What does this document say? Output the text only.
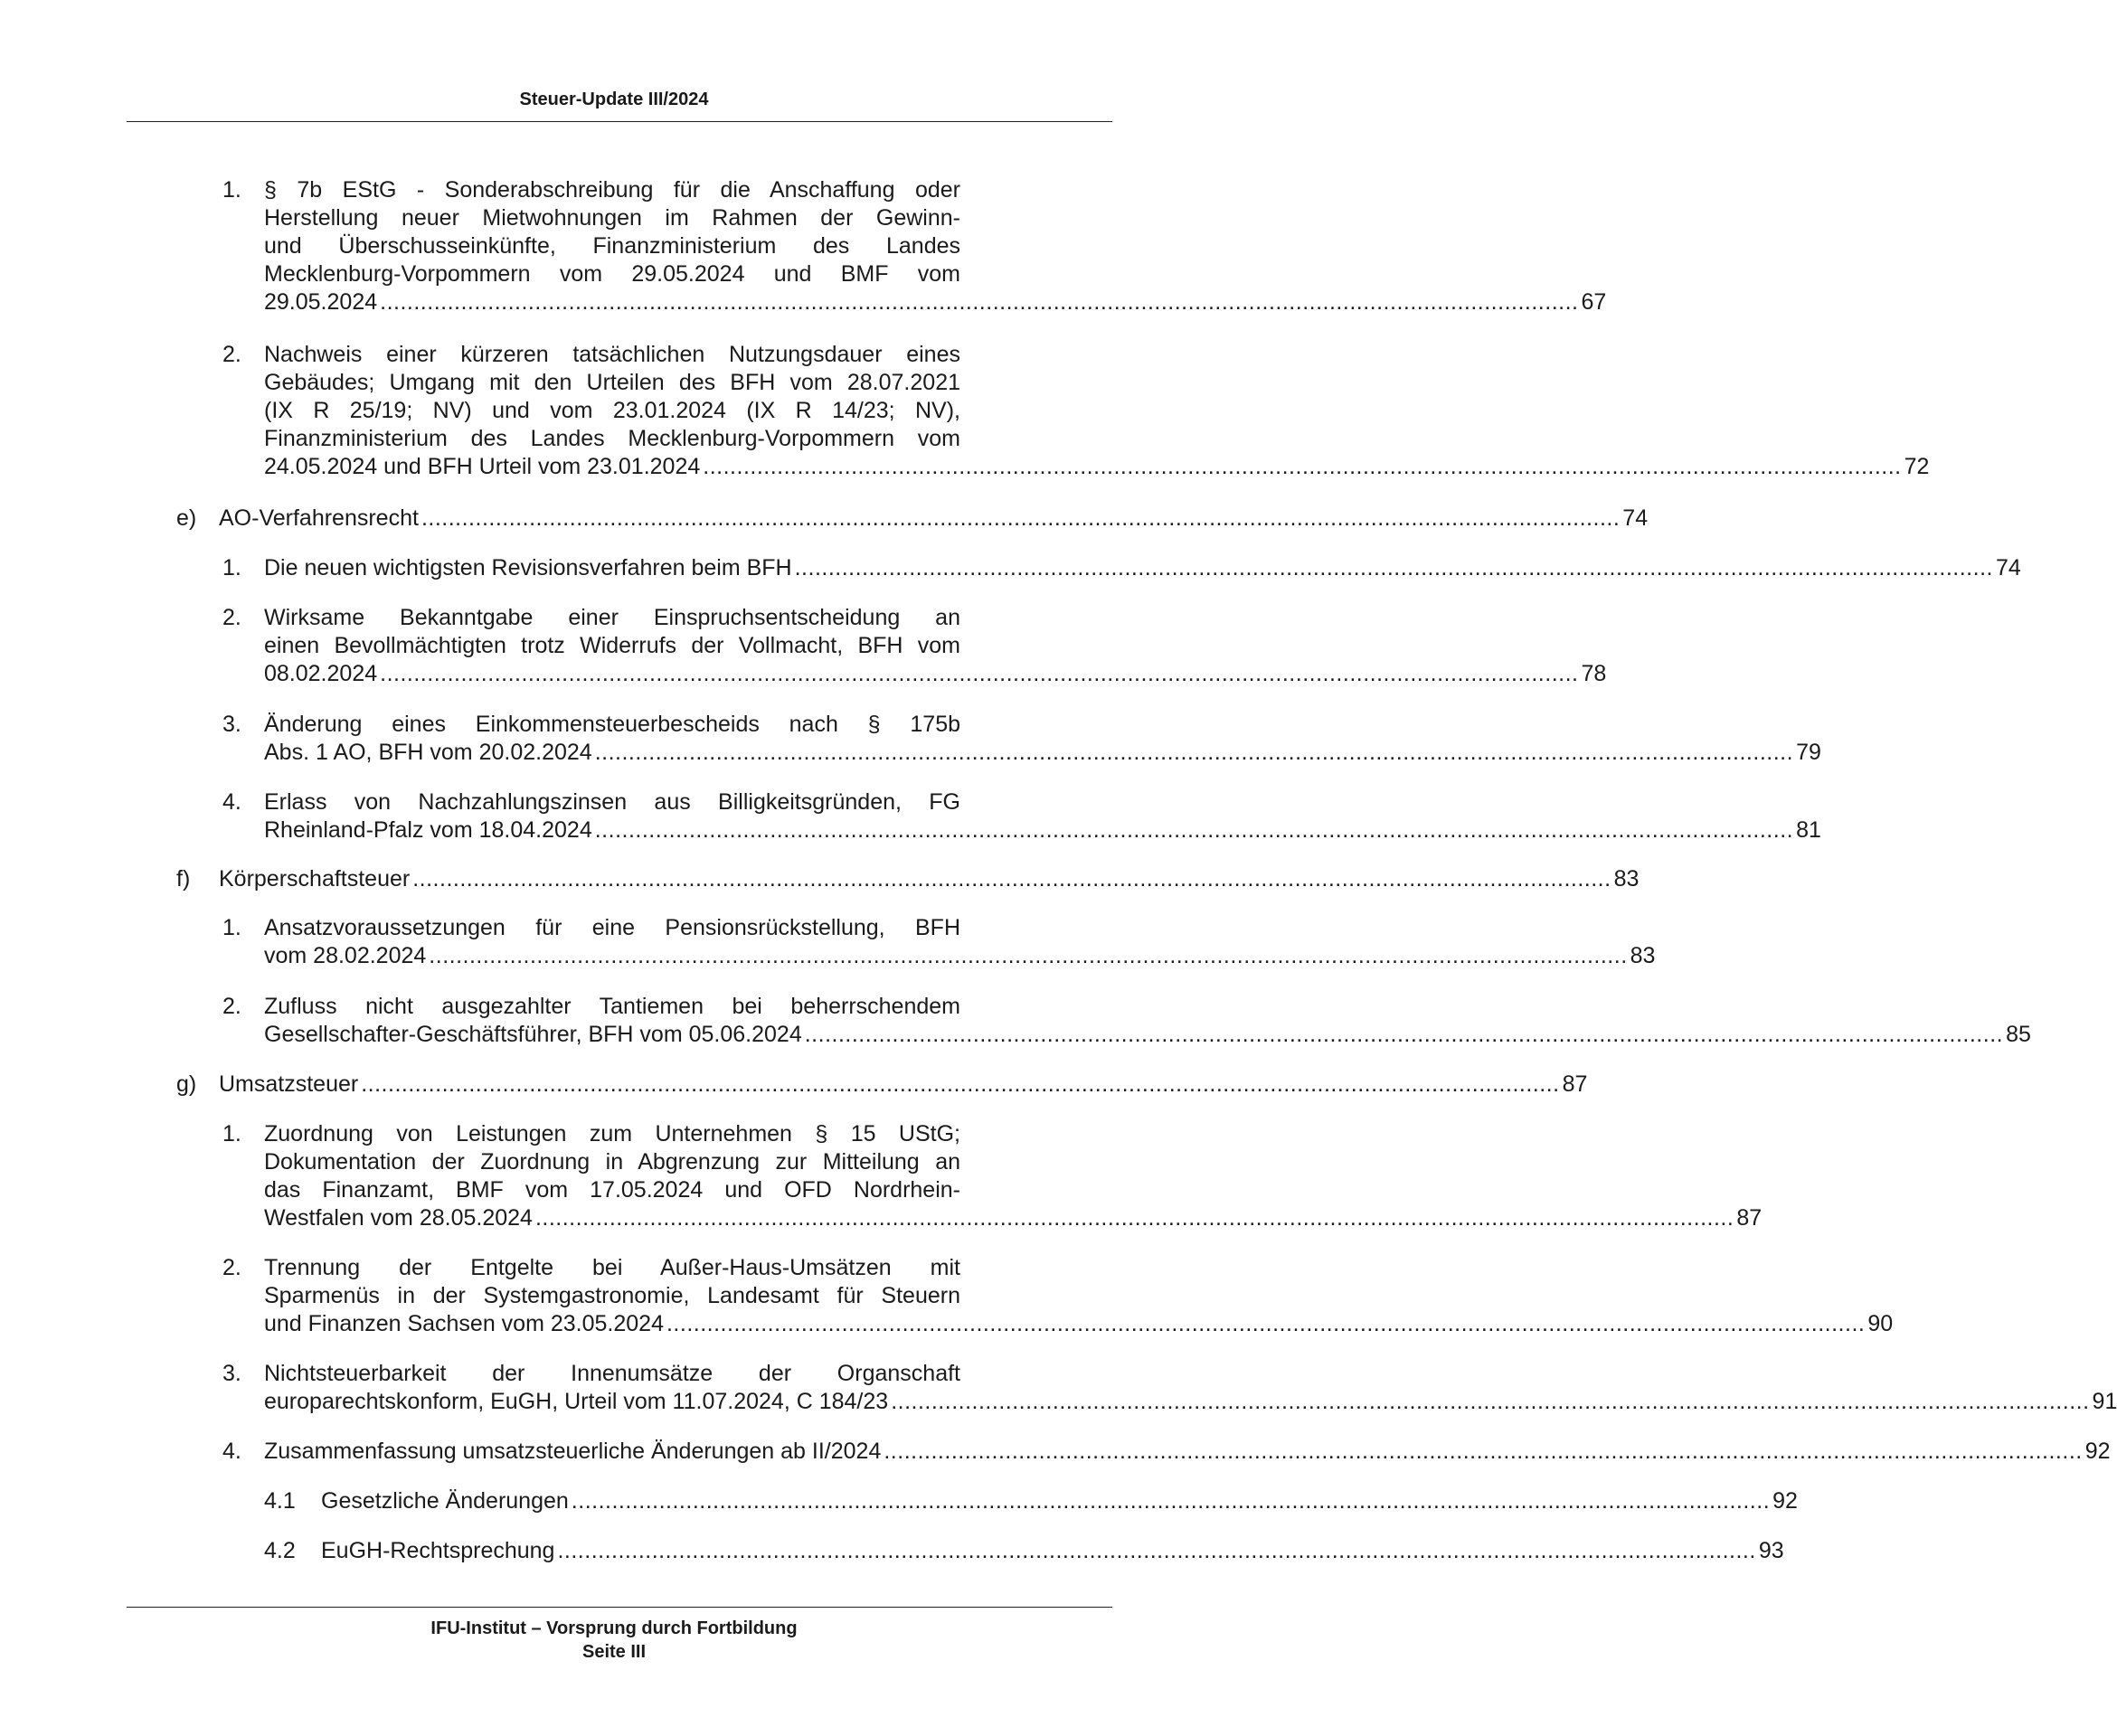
Steuer-Update III/2024
1. § 7b EStG - Sonderabschreibung für die Anschaffung oder
Herstellung neuer Mietwohnungen im Rahmen der Gewinn-
und Überschusseinkünfte, Finanzministerium des Landes
Mecklenburg-Vorpommern vom 29.05.2024 und BMF vom
29.05.2024 .................................................................................................................................................................................. 67
2. Nachweis einer kürzeren tatsächlichen Nutzungsdauer eines
Gebäudes; Umgang mit den Urteilen des BFH vom 28.07.2021
(IX R 25/19; NV) und vom 23.01.2024 (IX R 14/23; NV),
Finanzministerium des Landes Mecklenburg-Vorpommern vom
24.05.2024 und BFH Urteil vom 23.01.2024 .................................................................................................................................................................................. 72
e) AO-Verfahrensrecht .................................................................................................................................................................................. 74
1. Die neuen wichtigsten Revisionsverfahren beim BFH .................................................................................................................................................................................. 74
2. Wirksame Bekanntgabe einer Einspruchsentscheidung an
einen Bevollmächtigten trotz Widerrufs der Vollmacht, BFH vom
08.02.2024 .................................................................................................................................................................................. 78
3. Änderung eines Einkommensteuerbescheids nach § 175b
Abs. 1 AO, BFH vom 20.02.2024 .................................................................................................................................................................................. 79
4. Erlass von Nachzahlungszinsen aus Billigkeitsgründen, FG
Rheinland-Pfalz vom 18.04.2024 .................................................................................................................................................................................. 81
f) Körperschaftsteuer .................................................................................................................................................................................. 83
1. Ansatzvoraussetzungen für eine Pensionsrückstellung, BFH
vom 28.02.2024 .................................................................................................................................................................................. 83
2. Zufluss nicht ausgezahlter Tantiemen bei beherrschendem
Gesellschafter-Geschäftsführer, BFH vom 05.06.2024 .................................................................................................................................................................................. 85
g) Umsatzsteuer .................................................................................................................................................................................. 87
1. Zuordnung von Leistungen zum Unternehmen § 15 UStG;
Dokumentation der Zuordnung in Abgrenzung zur Mitteilung an
das Finanzamt, BMF vom 17.05.2024 und OFD Nordrhein-
Westfalen vom 28.05.2024 .................................................................................................................................................................................. 87
2. Trennung der Entgelte bei Außer-Haus-Umsätzen mit
Sparmenüs in der Systemgastronomie, Landesamt für Steuern
und Finanzen Sachsen vom 23.05.2024 .................................................................................................................................................................................. 90
3. Nichtsteuerbarkeit der Innenumsätze der Organschaft
europarechtskonform, EuGH, Urteil vom 11.07.2024, C 184/23 .................................................................................................................................................................................. 91
4. Zusammenfassung umsatzsteuerliche Änderungen ab II/2024 .................................................................................................................................................................................. 92
4.1 Gesetzliche Änderungen .................................................................................................................................................................................. 92
4.2 EuGH-Rechtsprechung .................................................................................................................................................................................. 93
IFU-Institut – Vorsprung durch Fortbildung
Seite III
